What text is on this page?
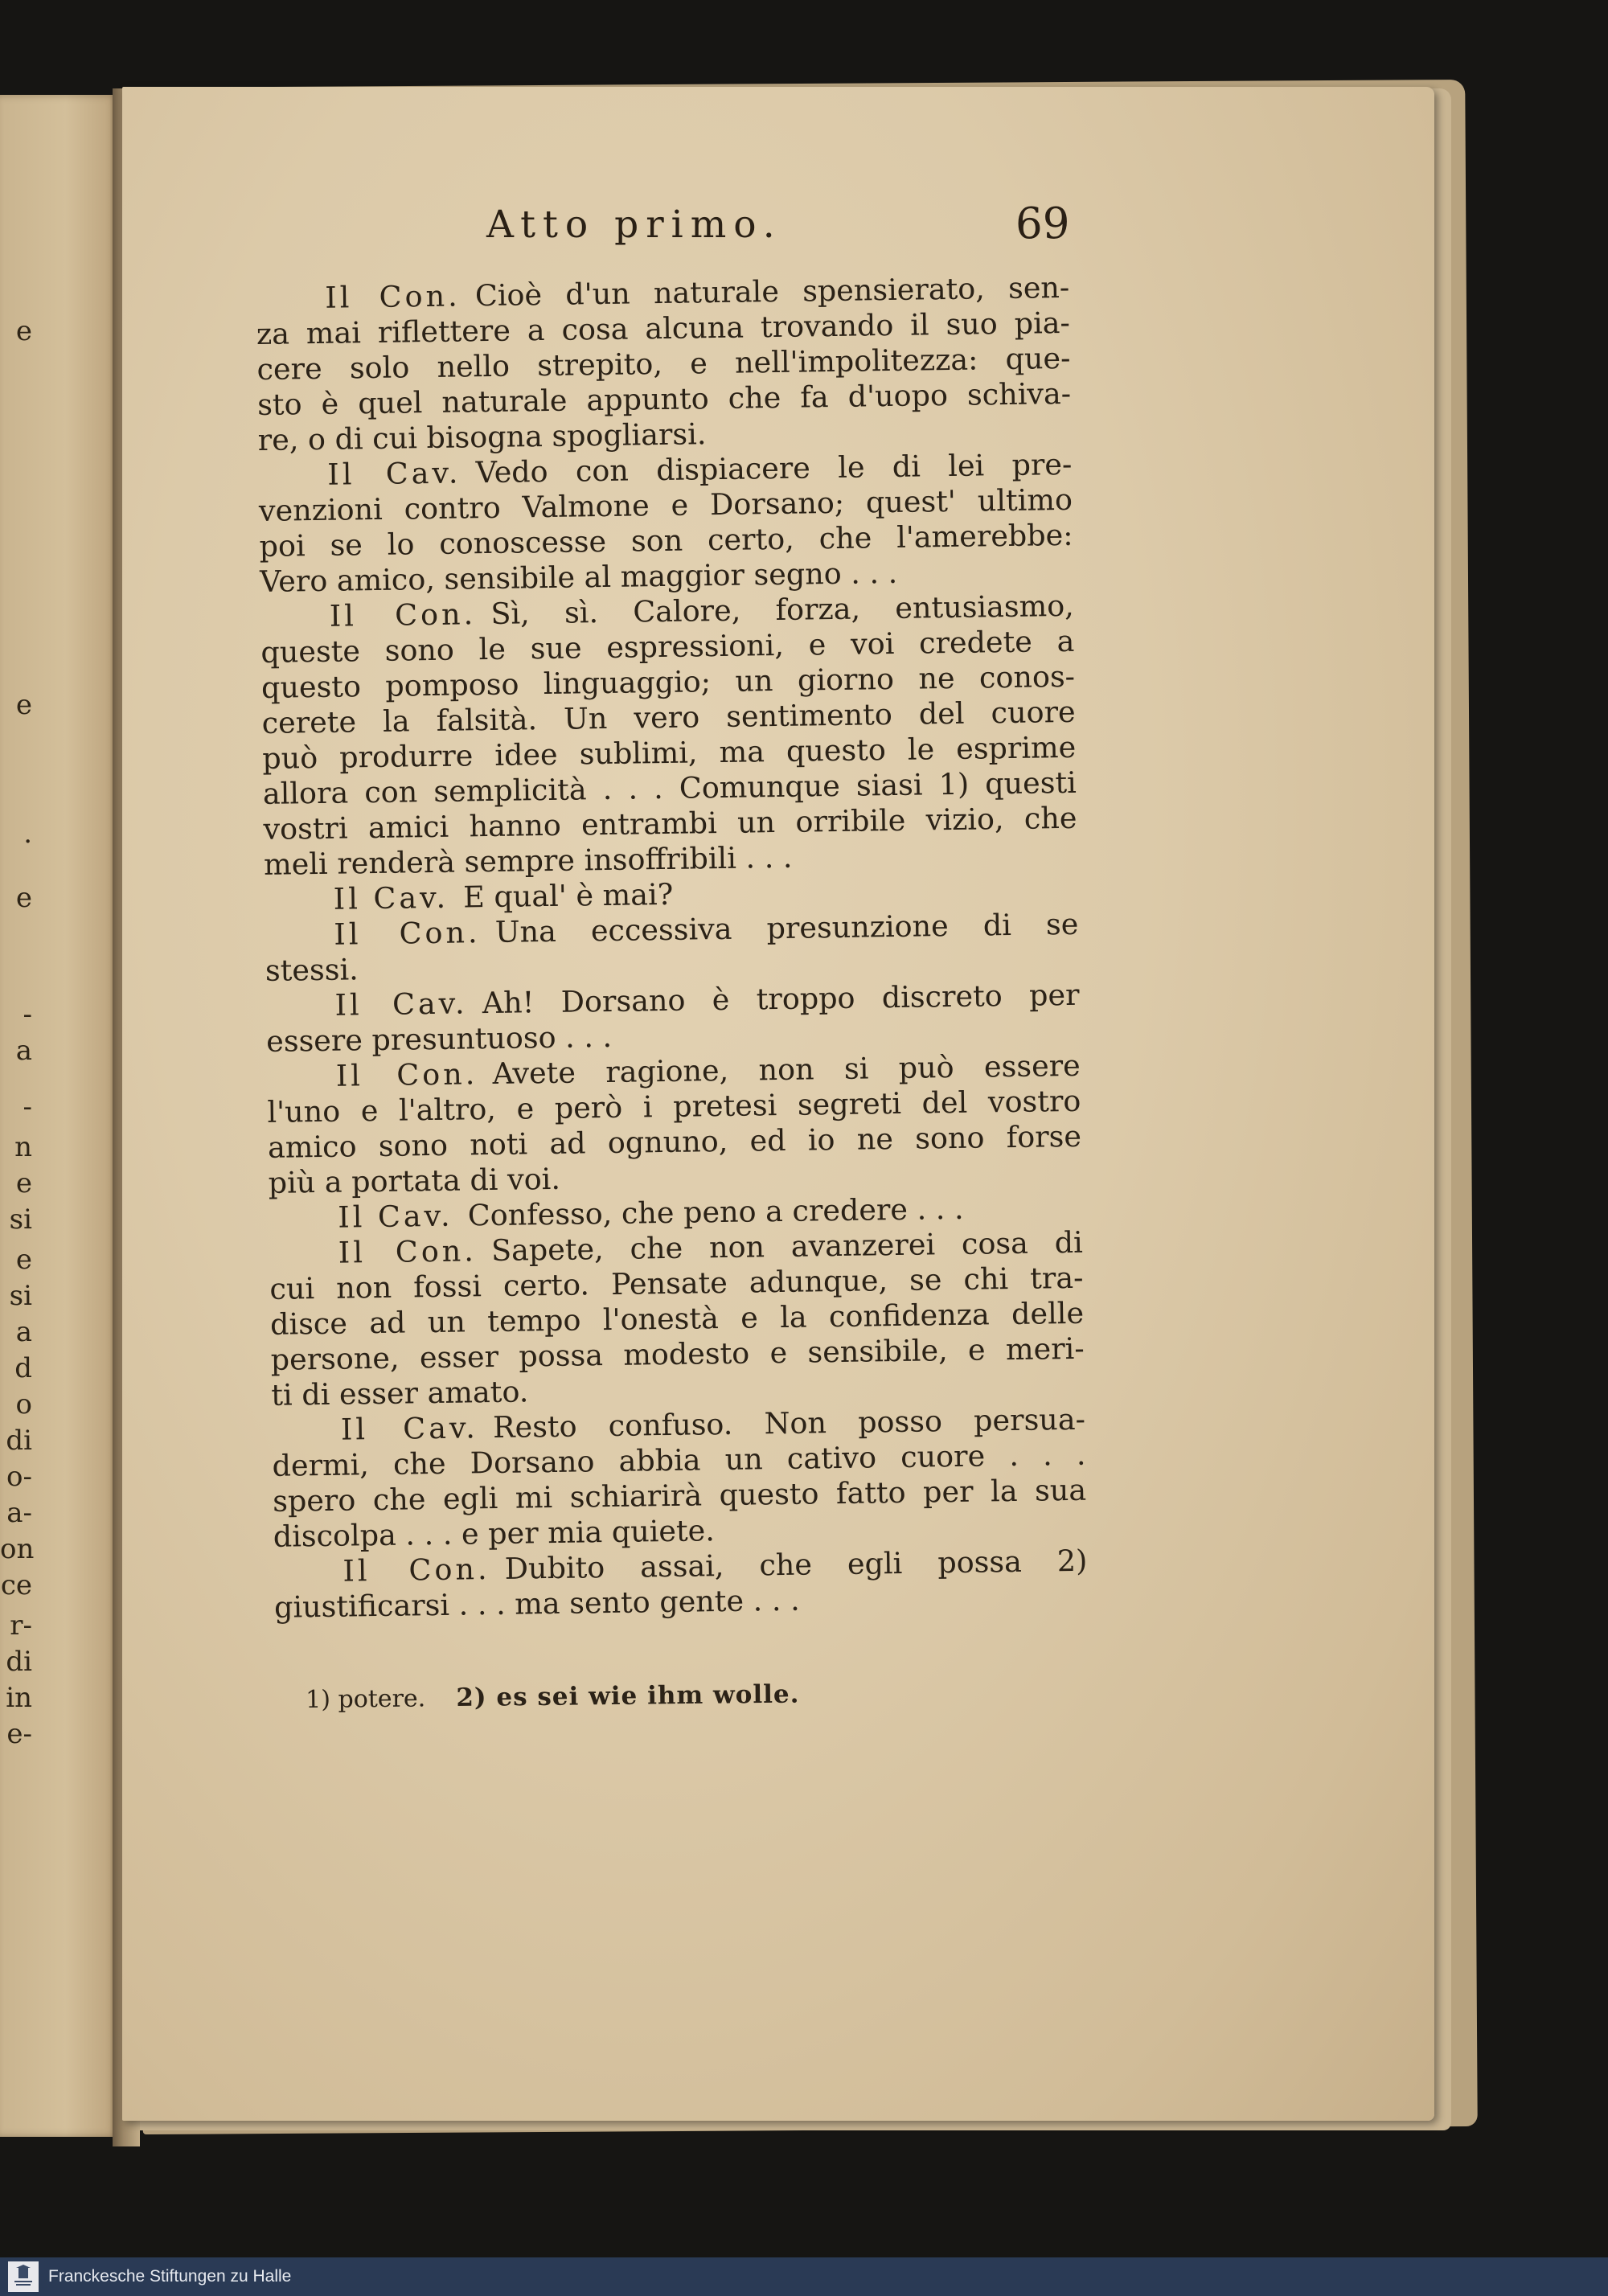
e
e
.
e
-
a
-
n
e
si
e
si
a
d
o
di
o-
a-
on
ce
r-
di
in
e-
Atto primo.	69
Il Con.  Cioè d'un naturale spensierato, sen-
za mai riflettere a cosa alcuna trovando il suo pia-
cere solo nello strepito, e nell'impolitezza: que-
sto è quel naturale appunto che fa d'uopo schiva-
re, o di cui bisogna spogliarsi.
Il Cav.  Vedo con dispiacere le di lei pre-
venzioni contro Valmone e Dorsano; quest' ultimo
poi se lo conoscesse son certo, che l'amerebbe:
Vero amico, sensibile al maggior segno . . .
Il Con.  Sì, sì. Calore, forza, entusiasmo,
queste sono le sue espressioni, e voi credete a
questo pomposo linguaggio; un giorno ne conos-
cerete la falsità. Un vero sentimento del cuore
può produrre idee sublimi, ma questo le esprime
allora con semplicità . . . Comunque siasi 1) questi
vostri amici hanno entrambi un orribile vizio, che
meli renderà sempre insoffribili . . .
Il Cav.  E qual' è mai?
Il Con.  Una eccessiva presunzione di se
stessi.
Il Cav.  Ah! Dorsano è troppo discreto per
essere presuntuoso . . .
Il Con.  Avete ragione, non si può essere
l'uno e l'altro, e però i pretesi segreti del vostro
amico sono noti ad ognuno, ed io ne sono forse
più a portata di voi.
Il Cav.  Confesso, che peno a credere . . .
Il Con.  Sapete, che non avanzerei cosa di
cui non fossi certo. Pensate adunque, se chi tra-
disce ad un tempo l'onestà e la confidenza delle
persone, esser possa modesto e sensibile, e meri-
ti di esser amato.
Il Cav.  Resto confuso. Non posso persua-
dermi, che Dorsano abbia un cativo cuore . . .
spero che egli mi schiarirà questo fatto per la sua
discolpa . . . e per mia quiete.
Il Con.  Dubito assai, che egli possa 2)
giustificarsi . . . ma sento gente . . .
1) potere. 2) es sei wie ihm wolle.
Franckesche Stiftungen zu Halle
